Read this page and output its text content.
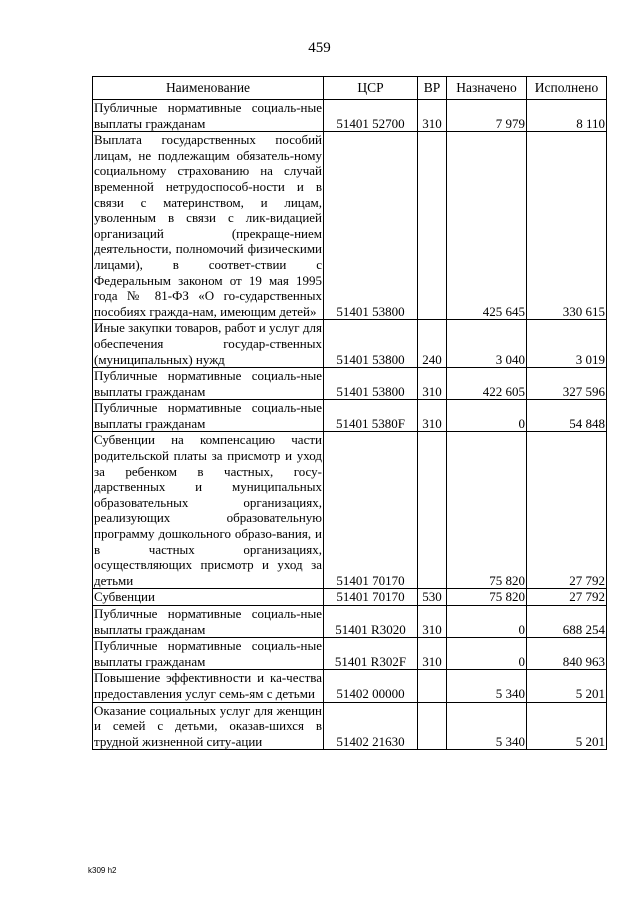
459
Наименование	ЦСР	ВР	Назначено	Исполнено
Публичные нормативные социаль-ные выплаты гражданам	51401 52700	310	7 979	8 110
Выплата государственных пособий лицам, не подлежащим обязатель-ному социальному страхованию на случай временной нетрудоспособ-ности и в связи с материнством, и лицам, уволенным в связи с лик-видацией организаций (прекраще-нием деятельности, полномочий физическими лицами), в соответ-ствии с Федеральным законом от 19 мая 1995 года № 81-ФЗ «О го-сударственных пособиях гражда-нам, имеющим детей»	51401 53800		425 645	330 615
Иные закупки товаров, работ и услуг для обеспечения государ-ственных (муниципальных) нужд	51401 53800	240	3 040	3 019
Публичные нормативные социаль-ные выплаты гражданам	51401 53800	310	422 605	327 596
Публичные нормативные социаль-ные выплаты гражданам	51401 5380F	310	0	54 848
Субвенции на компенсацию части родительской платы за присмотр и уход за ребенком в частных, госу-дарственных и муниципальных образовательных организациях, реализующих образовательную программу дошкольного образо-вания, и в частных организациях, осуществляющих присмотр и уход за детьми	51401 70170		75 820	27 792
Субвенции	51401 70170	530	75 820	27 792
Публичные нормативные социаль-ные выплаты гражданам	51401 R3020	310	0	688 254
Публичные нормативные социаль-ные выплаты гражданам	51401 R302F	310	0	840 963
Повышение эффективности и ка-чества предоставления услуг семь-ям с детьми	51402 00000		5 340	5 201
Оказание социальных услуг для женщин и семей с детьми, оказав-шихся в трудной жизненной ситу-ации	51402 21630		5 340	5 201
k309 h2
